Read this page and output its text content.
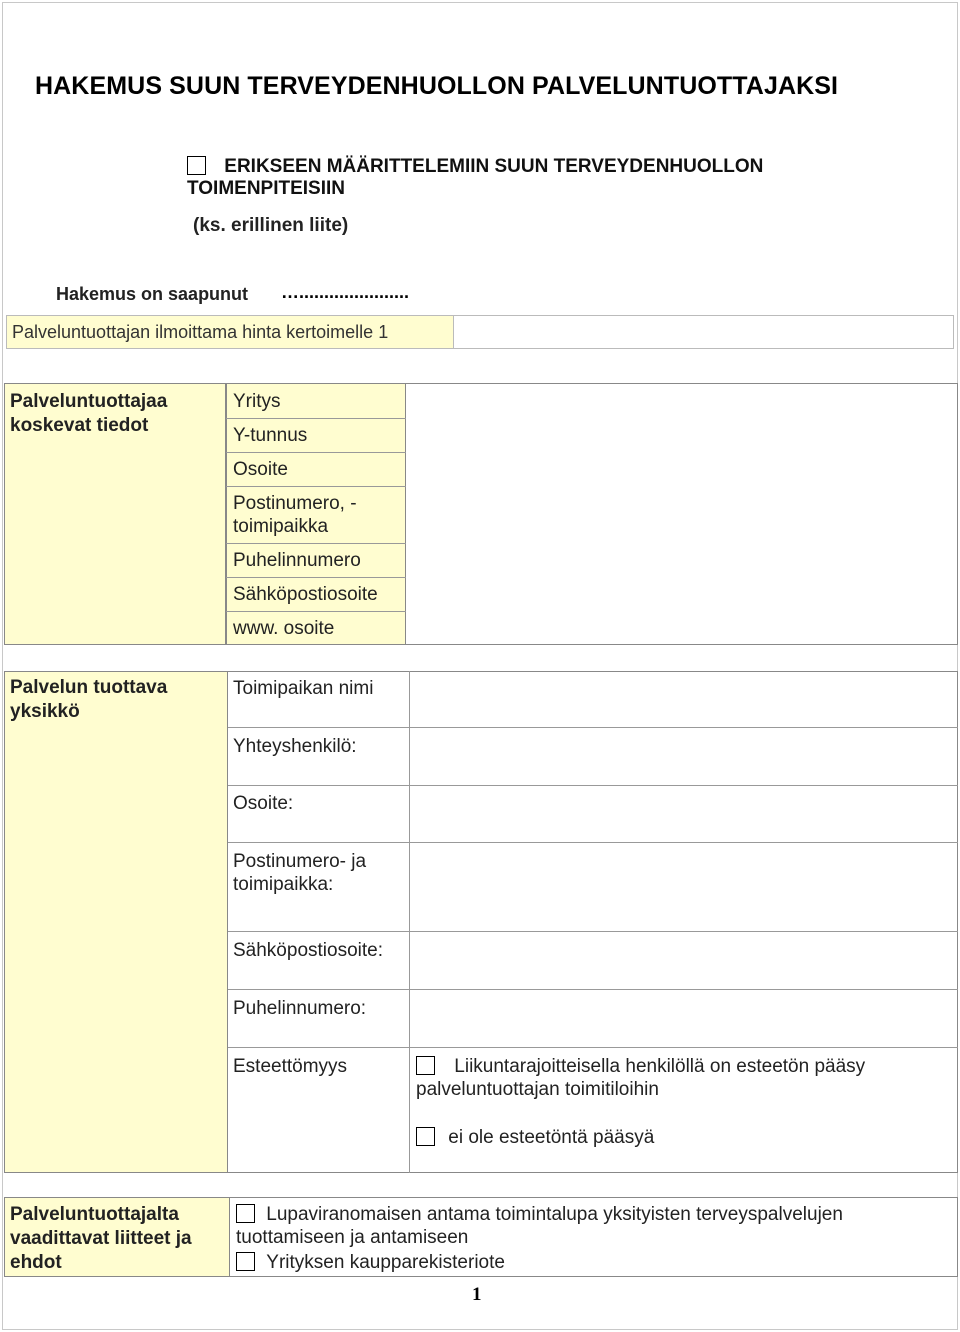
HAKEMUS SUUN TERVEYDENHUOLLON PALVELUNTUOTTAJAKSI
ERIKSEEN MÄÄRITTELEMIIN SUUN TERVEYDENHUOLLON
TOIMENPITEISIIN
(ks. erillinen liite)
Hakemus on saapunut …......................
Palveluntuottajan ilmoittama hinta kertoimelle 1
Palveluntuottajaa koskevat tiedot
Yritys
Y-tunnus
Osoite
Postinumero, - toimipaikka
Puhelinnumero
Sähköpostiosoite
www. osoite
Palvelun tuottava yksikkö
Toimipaikan nimi
Yhteyshenkilö:
Osoite:
Postinumero- ja toimipaikka:
Sähköpostiosoite:
Puhelinnumero:
Esteettömyys	Liikuntarajoitteisella henkilöllä on esteetön pääsy palveluntuottajan toimitiloihin
ei ole esteetöntä pääsyä
Palveluntuottajalta vaadittavat liitteet ja ehdot
Lupaviranomaisen antama toimintalupa yksityisten terveyspalvelujen tuottamiseen ja antamiseen
Yrityksen kaupparekisteriote
1
